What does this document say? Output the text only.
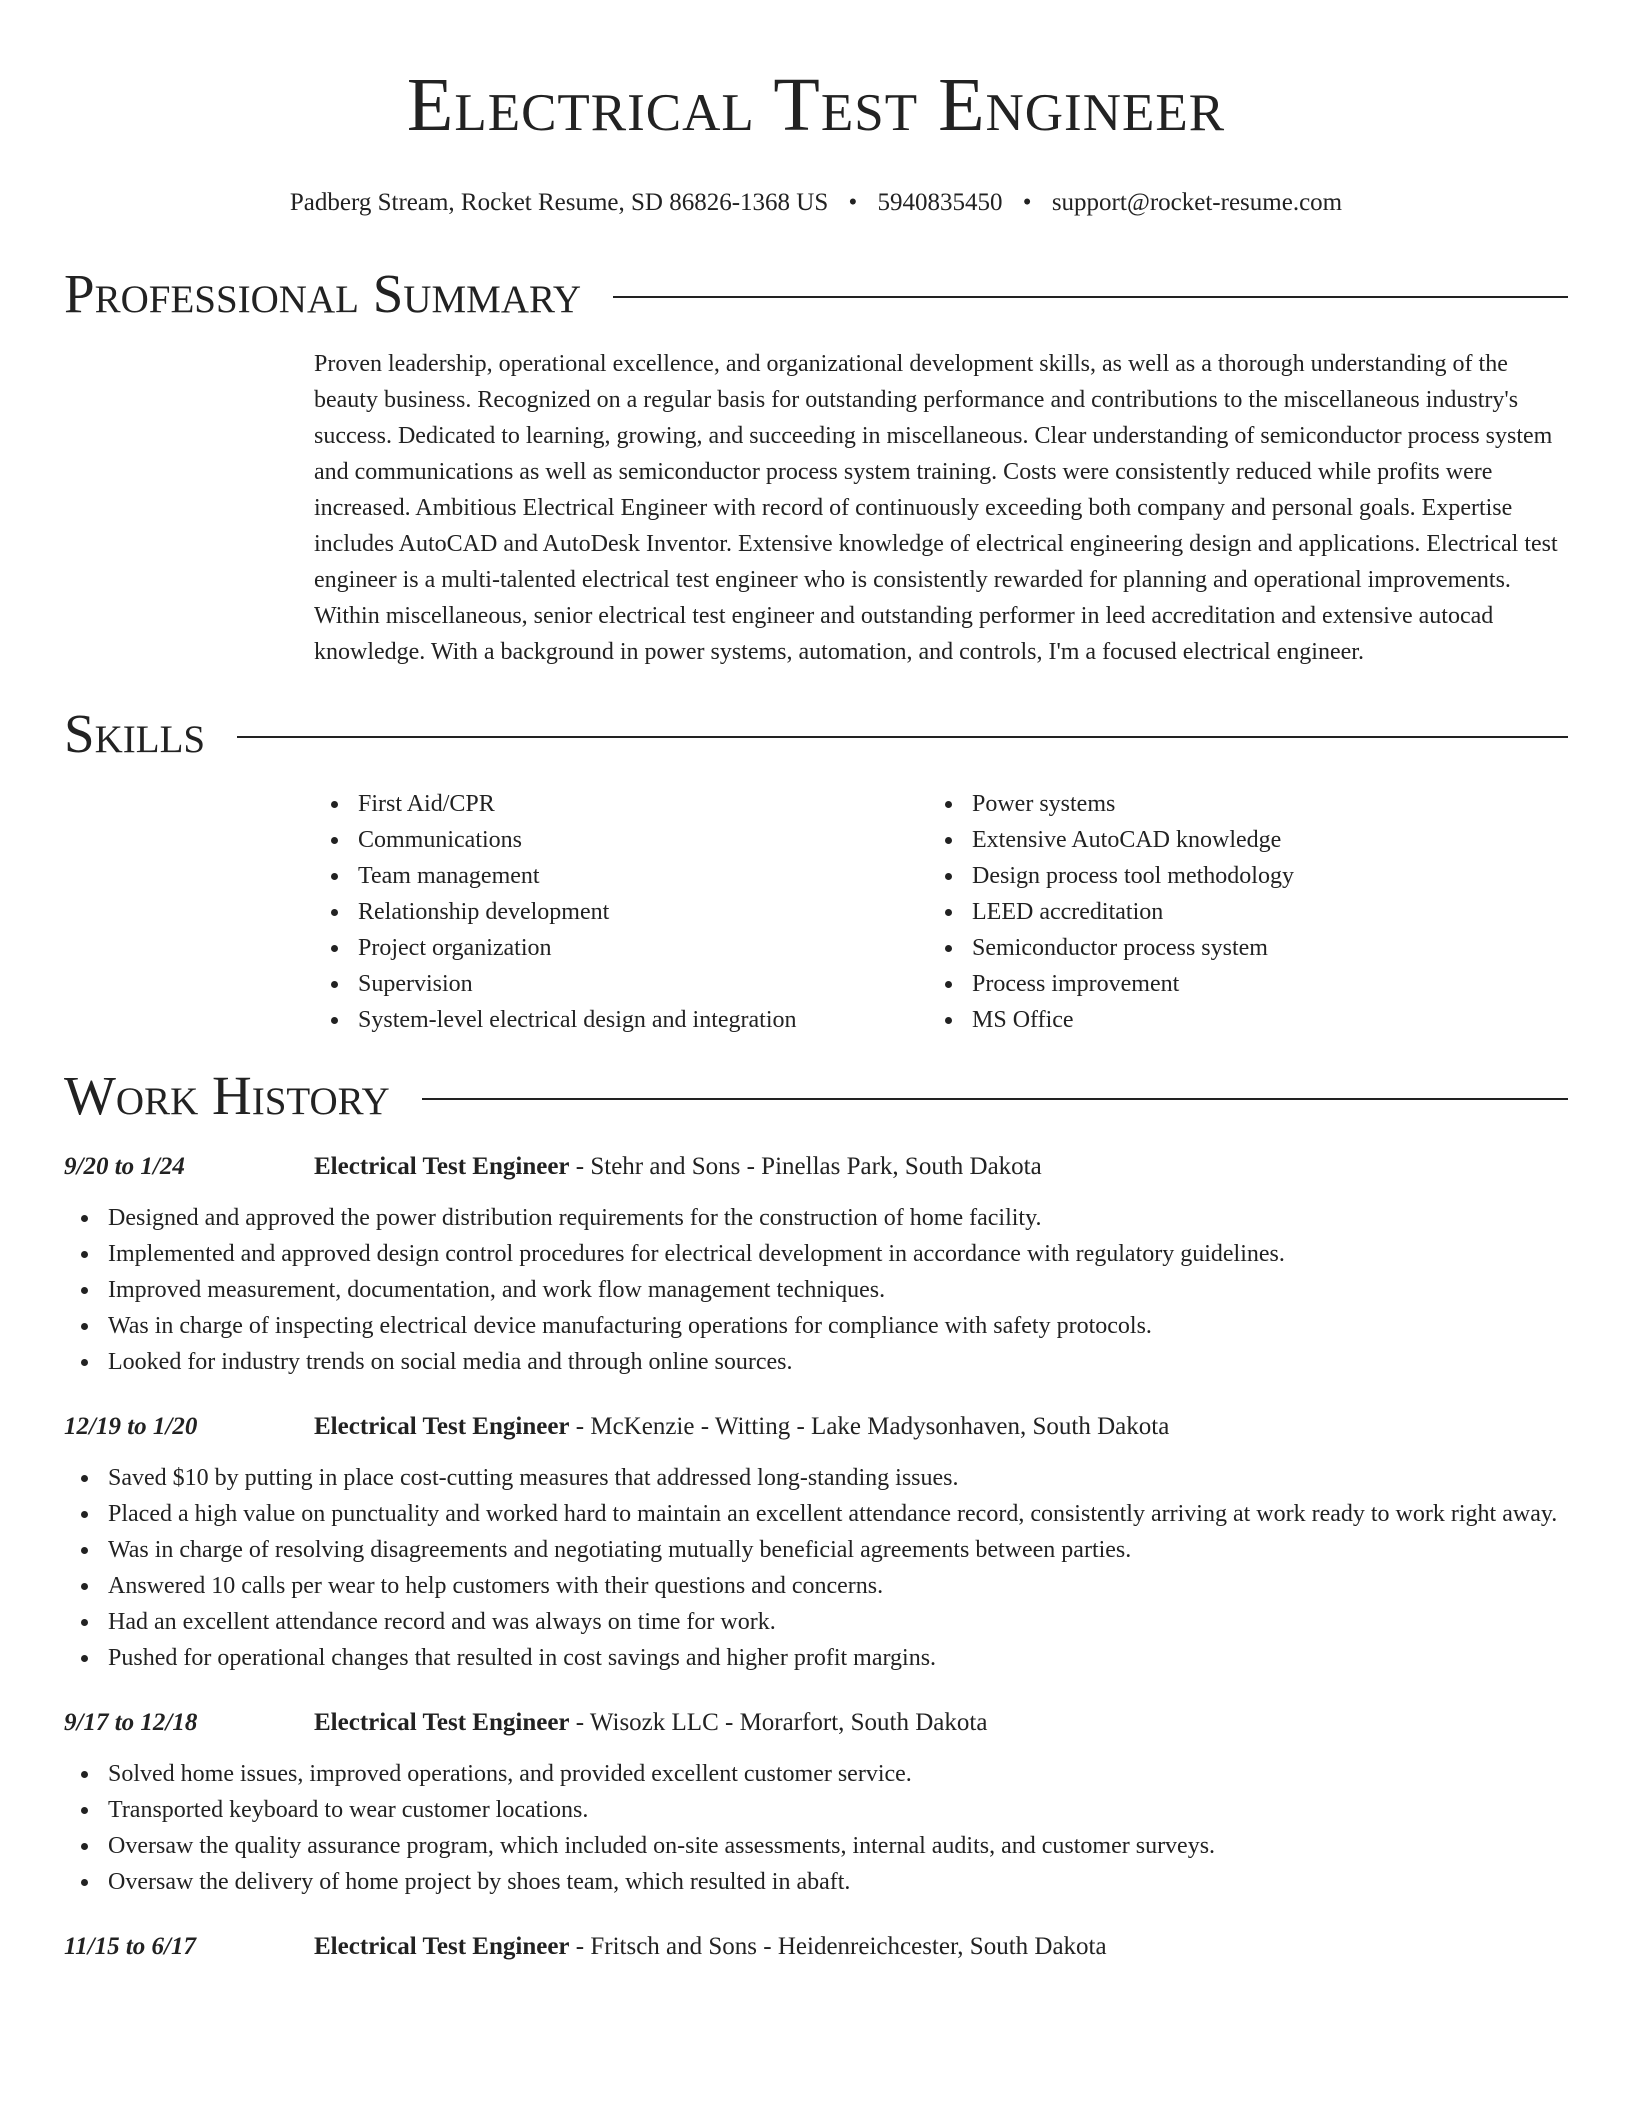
Electrical Test Engineer
Padberg Stream, Rocket Resume, SD 86826-1368 US • 5940835450 • support@rocket-resume.com
Professional Summary
Proven leadership, operational excellence, and organizational development skills, as well as a thorough understanding of the beauty business. Recognized on a regular basis for outstanding performance and contributions to the miscellaneous industry's success. Dedicated to learning, growing, and succeeding in miscellaneous. Clear understanding of semiconductor process system and communications as well as semiconductor process system training. Costs were consistently reduced while profits were increased. Ambitious Electrical Engineer with record of continuously exceeding both company and personal goals. Expertise includes AutoCAD and AutoDesk Inventor. Extensive knowledge of electrical engineering design and applications. Electrical test engineer is a multi-talented electrical test engineer who is consistently rewarded for planning and operational improvements. Within miscellaneous, senior electrical test engineer and outstanding performer in leed accreditation and extensive autocad knowledge. With a background in power systems, automation, and controls, I'm a focused electrical engineer.
Skills
First Aid/CPR
Communications
Team management
Relationship development
Project organization
Supervision
System-level electrical design and integration
Power systems
Extensive AutoCAD knowledge
Design process tool methodology
LEED accreditation
Semiconductor process system
Process improvement
MS Office
Work History
9/20 to 1/24	Electrical Test Engineer - Stehr and Sons - Pinellas Park, South Dakota
Designed and approved the power distribution requirements for the construction of home facility.
Implemented and approved design control procedures for electrical development in accordance with regulatory guidelines.
Improved measurement, documentation, and work flow management techniques.
Was in charge of inspecting electrical device manufacturing operations for compliance with safety protocols.
Looked for industry trends on social media and through online sources.
12/19 to 1/20	Electrical Test Engineer - McKenzie - Witting - Lake Madysonhaven, South Dakota
Saved $10 by putting in place cost-cutting measures that addressed long-standing issues.
Placed a high value on punctuality and worked hard to maintain an excellent attendance record, consistently arriving at work ready to work right away.
Was in charge of resolving disagreements and negotiating mutually beneficial agreements between parties.
Answered 10 calls per wear to help customers with their questions and concerns.
Had an excellent attendance record and was always on time for work.
Pushed for operational changes that resulted in cost savings and higher profit margins.
9/17 to 12/18	Electrical Test Engineer - Wisozk LLC - Morarfort, South Dakota
Solved home issues, improved operations, and provided excellent customer service.
Transported keyboard to wear customer locations.
Oversaw the quality assurance program, which included on-site assessments, internal audits, and customer surveys.
Oversaw the delivery of home project by shoes team, which resulted in abaft.
11/15 to 6/17	Electrical Test Engineer - Fritsch and Sons - Heidenreichcester, South Dakota
